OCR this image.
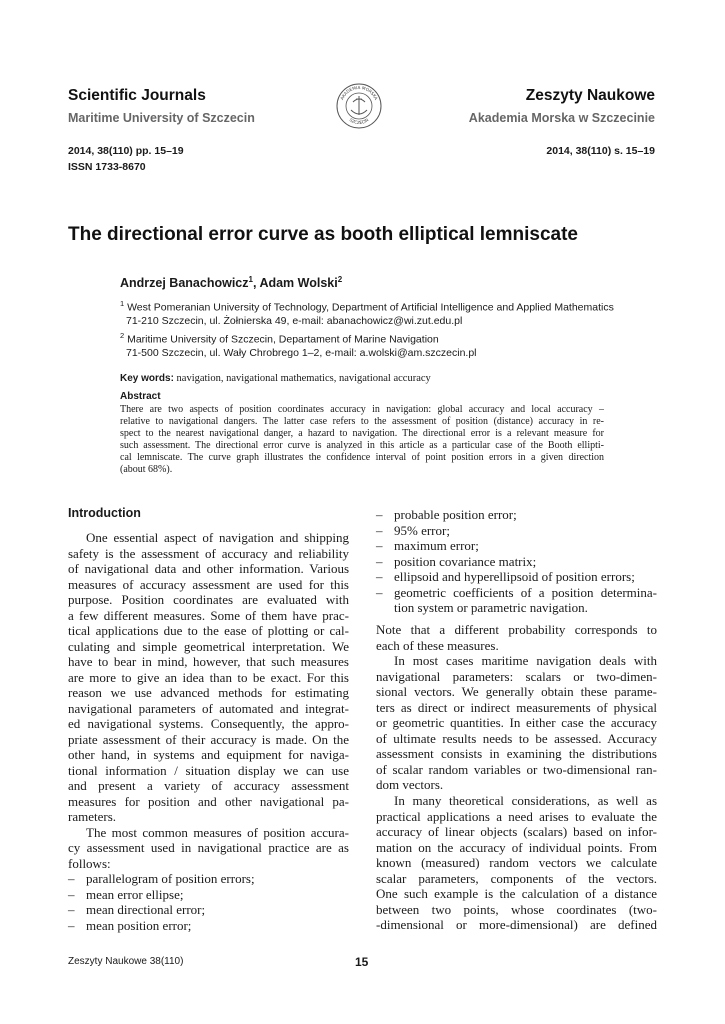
Scientific Journals
Maritime University of Szczecin
AKADEMIA MORSKA
SZCZECIN
Zeszyty Naukowe
Akademia Morska w Szczecinie
2014, 38(110) pp. 15–19
ISSN 1733-8670
2014, 38(110) s. 15–19
The directional error curve as booth elliptical lemniscate
Andrzej Banachowicz$^1$, Adam Wolski$^2$
$^1$ West Pomeranian University of Technology, Department of Artificial Intelligence and Applied Mathematics
71-210 Szczecin, ul. Żołnierska 49, e-mail: abanachowicz@wi.zut.edu.pl
$^2$ Maritime University of Szczecin, Departament of Marine Navigation
71-500 Szczecin, ul. Wały Chrobrego 1–2, e-mail: a.wolski@am.szczecin.pl
Key words: navigation, navigational mathematics, navigational accuracy
Abstract
There are two aspects of position coordinates accuracy in navigation: global accuracy and local accuracy –
relative to navigational dangers. The latter case refers to the assessment of position (distance) accuracy in re-
spect to the nearest navigational danger, a hazard to navigation. The directional error is a relevant measure for
such assessment. The directional error curve is analyzed in this article as a particular case of the Booth ellipti-
cal lemniscate. The curve graph illustrates the confidence interval of point position errors in a given direction
(about 68%).
Introduction
One essential aspect of navigation and shipping
safety is the assessment of accuracy and reliability
of navigational data and other information. Various
measures of accuracy assessment are used for this
purpose. Position coordinates are evaluated with
a few different measures. Some of them have prac-
tical applications due to the ease of plotting or cal-
culating and simple geometrical interpretation. We
have to bear in mind, however, that such measures
are more to give an idea than to be exact. For this
reason we use advanced methods for estimating
navigational parameters of automated and integrat-
ed navigational systems. Consequently, the appro-
priate assessment of their accuracy is made. On the
other hand, in systems and equipment for naviga-
tional information / situation display we can use
and present a variety of accuracy assessment
measures for position and other navigational pa-
rameters.
The most common measures of position accura-
cy assessment used in navigational practice are as
follows:
– parallelogram of position errors;
– mean error ellipse;
– mean directional error;
– mean position error;
– probable position error;
– 95% error;
– maximum error;
– position covariance matrix;
– ellipsoid and hyperellipsoid of position errors;
– geometric coefficients of a position determina-
tion system or parametric navigation.
Note that a different probability corresponds to
each of these measures.
In most cases maritime navigation deals with
navigational parameters: scalars or two-dimen-
sional vectors. We generally obtain these parame-
ters as direct or indirect measurements of physical
or geometric quantities. In either case the accuracy
of ultimate results needs to be assessed. Accuracy
assessment consists in examining the distributions
of scalar random variables or two-dimensional ran-
dom vectors.
In many theoretical considerations, as well as
practical applications a need arises to evaluate the
accuracy of linear objects (scalars) based on infor-
mation on the accuracy of individual points. From
known (measured) random vectors we calculate
scalar parameters, components of the vectors.
One such example is the calculation of a distance
between two points, whose coordinates (two-
-dimensional or more-dimensional) are defined
Zeszyty Naukowe 38(110)	15
